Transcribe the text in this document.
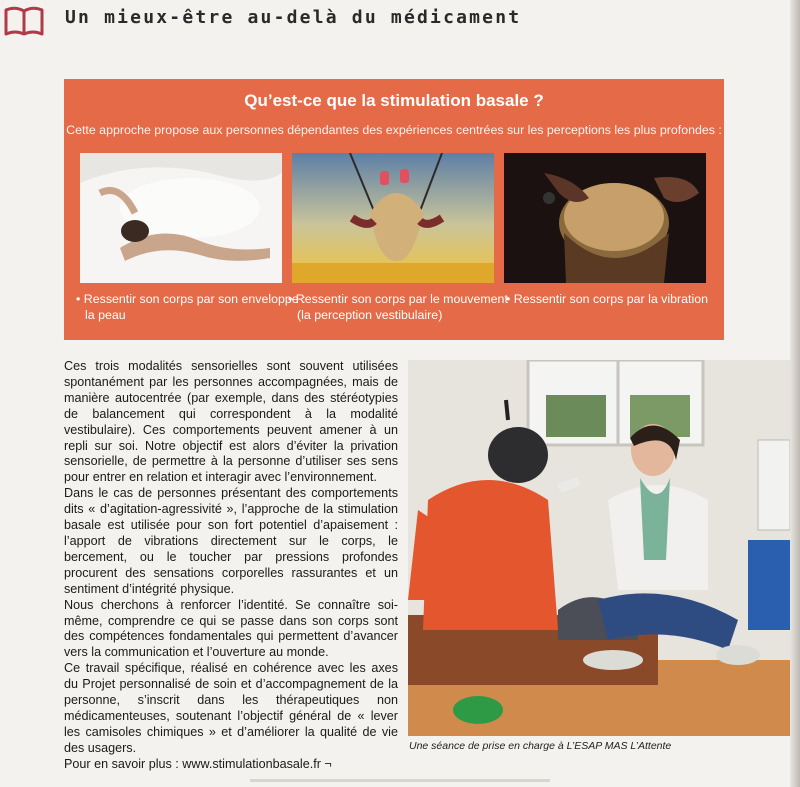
Un mieux-être au-delà du médicament
Qu’est-ce que la stimulation basale ?
Cette approche propose aux personnes dépendantes des expériences centrées sur les perceptions les plus profondes :
• Ressentir son corps par son enveloppe :
la peau
• Ressentir son corps par le mouvement
(la perception vestibulaire)
• Ressentir son corps par la vibration

Ces trois modalités sensorielles sont souvent utilisées spontanément par les personnes accompagnées, mais de manière autocentrée (par exemple, dans des stéréotypies de balancement qui correspondent à la modalité vestibulaire). Ces comportements peuvent amener à un repli sur soi. Notre objectif est alors d’éviter la privation sensorielle, de permettre à la personne d’utiliser ses sens pour entrer en relation et interagir avec l’environnement.

Dans le cas de personnes présentant des comportements dits « d’agitation-agressivité », l’approche de la stimulation basale est utilisée pour son fort potentiel d’apaisement : l’apport de vibrations directement sur le corps, le bercement, ou le toucher par pressions profondes procurent des sensations corporelles rassurantes et un sentiment d’intégrité physique.

Nous cherchons à renforcer l’identité. Se connaître soi-même, comprendre ce qui se passe dans son corps sont des compétences fondamentales qui permettent d’avancer vers la communication et l’ouverture au monde.

Ce travail spécifique, réalisé en cohérence avec les axes du Projet personnalisé de soin et d’accompagnement de la personne, s’inscrit dans les thérapeutiques non médicamenteuses, soutenant l’objectif général de « lever les camisoles chimiques » et d’améliorer la qualité de vie des usagers.

Pour en savoir plus : www.stimulationbasale.fr ¬

Une séance de prise en charge à L’ESAP MAS L’Attente
